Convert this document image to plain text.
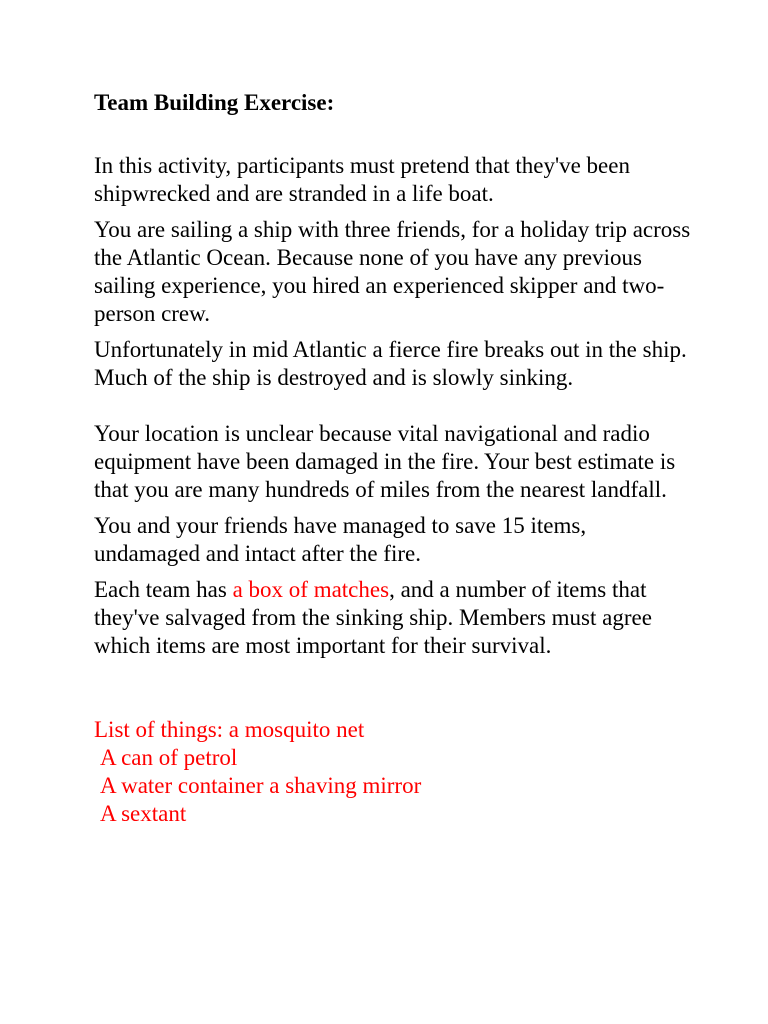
Team Building Exercise:

In this activity, participants must pretend that they've been shipwrecked and are stranded in a life boat.

You are sailing a ship with three friends, for a holiday trip across the Atlantic Ocean. Because none of you have any previous sailing experience, you hired an experienced skipper and two-person crew.

Unfortunately in mid Atlantic a fierce fire breaks out in the ship. Much of the ship is destroyed and is slowly sinking.

Your location is unclear because vital navigational and radio equipment have been damaged in the fire. Your best estimate is that you are many hundreds of miles from the nearest landfall.

You and your friends have managed to save 15 items, undamaged and intact after the fire.

Each team has a box of matches, and a number of items that they've salvaged from the sinking ship. Members must agree which items are most important for their survival.

List of things: a mosquito net
A can of petrol
A water container a shaving mirror
A sextant
